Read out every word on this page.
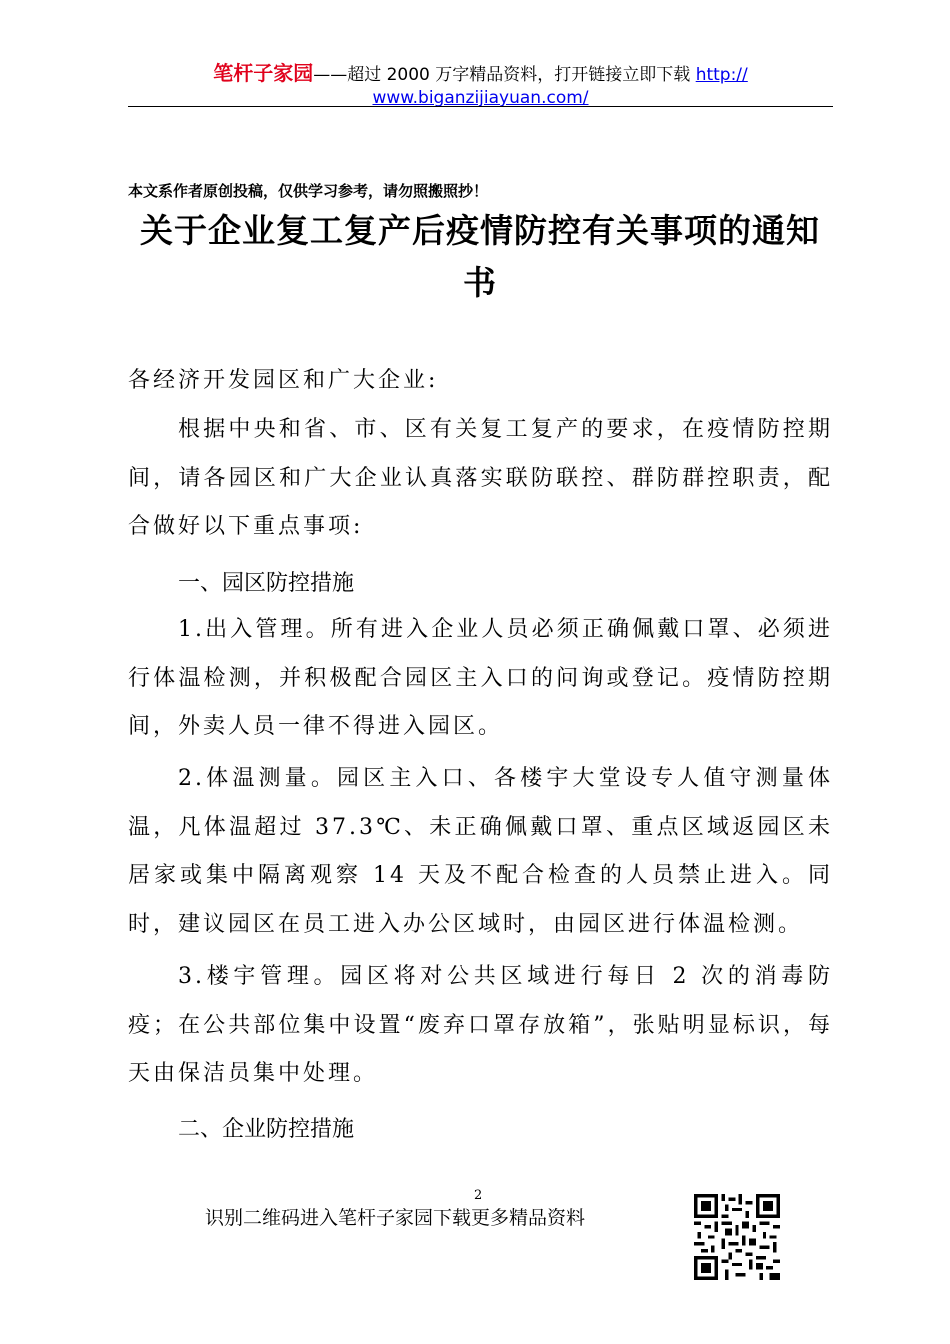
笔杆子家园——超过 2000 万字精品资料，打开链接立即下载 http://
www.biganzijiayuan.com/
本文系作者原创投稿，仅供学习参考，请勿照搬照抄！
关于企业复工复产后疫情防控有关事项的通知
书

各经济开发园区和广大企业:

根据中央和省、市、区有关复工复产的要求，在疫情防控期间，请各园区和广大企业认真落实联防联控、群防群控职责，配合做好以下重点事项:

一、园区防控措施

1.出入管理。所有进入企业人员必须正确佩戴口罩、必须进行体温检测，并积极配合园区主入口的问询或登记。疫情防控期间，外卖人员一律不得进入园区。

2.体温测量。园区主入口、各楼宇大堂设专人值守测量体温，凡体温超过 37.3℃、未正确佩戴口罩、重点区域返园区未居家或集中隔离观察 14 天及不配合检查的人员禁止进入。同时，建议园区在员工进入办公区域时，由园区进行体温检测。

3.楼宇管理。园区将对公共区域进行每日 2 次的消毒防疫；在公共部位集中设置“废弃口罩存放箱”，张贴明显标识，每天由保洁员集中处理。

二、企业防控措施
2
识别二维码进入笔杆子家园下载更多精品资料
